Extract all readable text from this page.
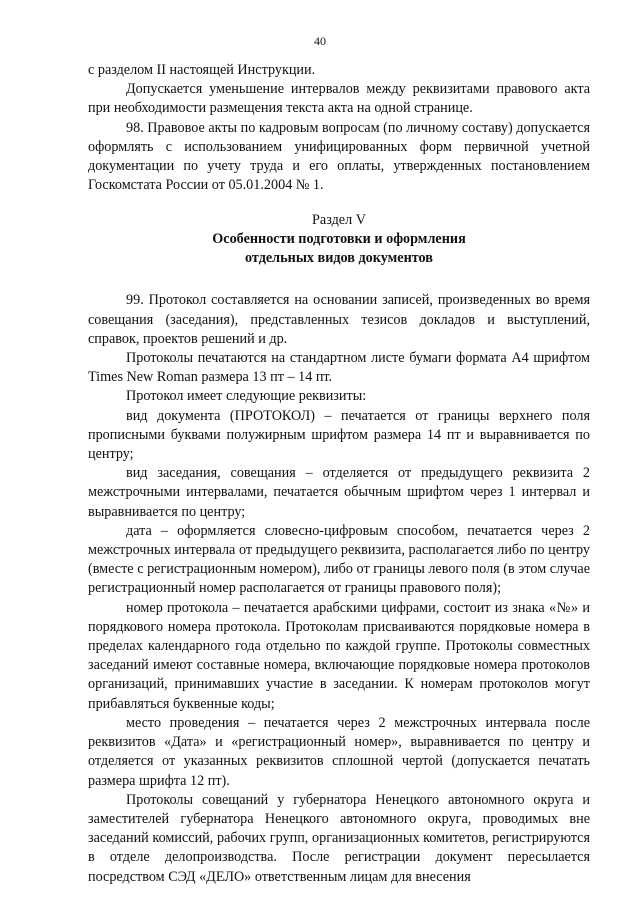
40

с разделом II настоящей Инструкции.

Допускается уменьшение интервалов между реквизитами правового акта при необходимости размещения текста акта на одной странице.

98. Правовое акты по кадровым вопросам (по личному составу) допускается оформлять с использованием унифицированных форм первичной учетной документации по учету труда и его оплаты, утвержденных постановлением Госкомстата России от 05.01.2004 № 1.

Раздел V

Особенности подготовки и оформления

отдельных видов документов

99. Протокол составляется на основании записей, произведенных во время совещания (заседания), представленных тезисов докладов и выступлений, справок, проектов решений и др.

Протоколы печатаются на стандартном листе бумаги формата А4 шрифтом Times New Roman размера 13 пт – 14 пт.

Протокол имеет следующие реквизиты:

вид документа (ПРОТОКОЛ) – печатается от границы верхнего поля прописными буквами полужирным шрифтом размера 14 пт и выравнивается по центру;

вид заседания, совещания – отделяется от предыдущего реквизита 2 межстрочными интервалами, печатается обычным шрифтом через 1 интервал и выравнивается по центру;

дата – оформляется словесно-цифровым способом, печатается через 2 межстрочных интервала от предыдущего реквизита, располагается либо по центру (вместе с регистрационным номером), либо от границы левого поля (в этом случае регистрационный номер располагается от границы правового поля);

номер протокола – печатается арабскими цифрами, состоит из знака «№» и порядкового номера протокола. Протоколам присваиваются порядковые номера в пределах календарного года отдельно по каждой группе. Протоколы совместных заседаний имеют составные номера, включающие порядковые номера протоколов организаций, принимавших участие в заседании. К номерам протоколов могут прибавляться буквенные коды;

место проведения – печатается через 2 межстрочных интервала после реквизитов «Дата» и «регистрационный номер», выравнивается по центру и отделяется от указанных реквизитов сплошной чертой (допускается печатать размера шрифта 12 пт).

Протоколы совещаний у губернатора Ненецкого автономного округа и заместителей губернатора Ненецкого автономного округа, проводимых вне заседаний комиссий, рабочих групп, организационных комитетов, регистрируются в отделе делопроизводства. После регистрации документ пересылается посредством СЭД «ДЕЛО» ответственным лицам для внесения
